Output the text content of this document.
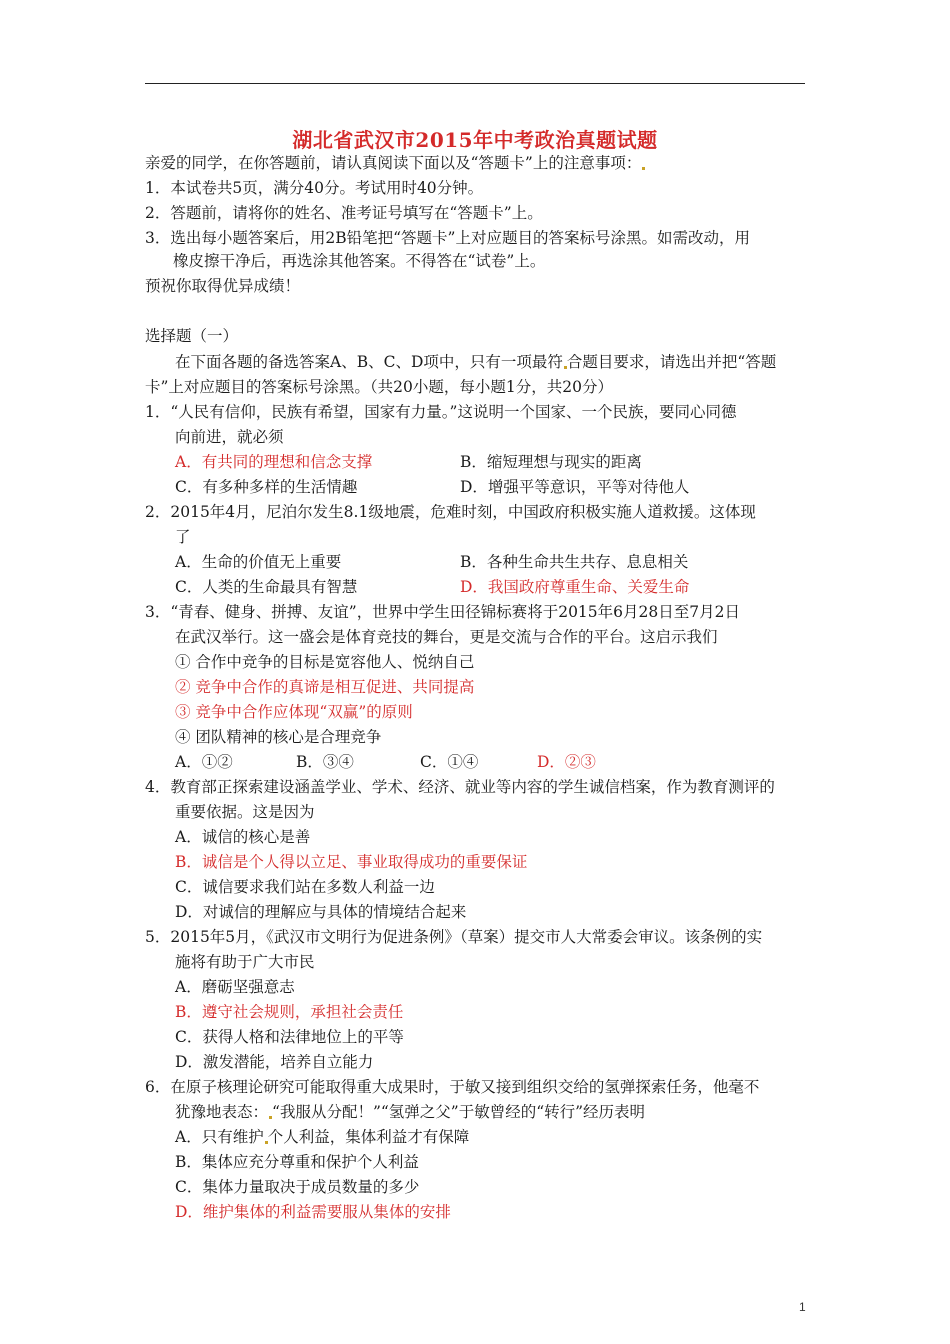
湖北省武汉市2015年中考政治真题试题
亲爱的同学，在你答题前，请认真阅读下面以及“答题卡”上的注意事项：
1．本试卷共5页，满分40分。考试用时40分钟。
2．答题前，请将你的姓名、准考证号填写在“答题卡”上。
3．选出每小题答案后，用2B铅笔把“答题卡”上对应题目的答案标号涂黑。如需改动，用
橡皮擦干净后，再选涂其他答案。不得答在“试卷”上。
预祝你取得优异成绩！
选择题（一）
在下面各题的备选答案A、B、C、D项中，只有一项最符 合题目要求，请选出并把“答题
卡”上对应题目的答案标号涂黑。（共20小题，每小题1分，共20分）
1．“人民有信仰，民族有希望，国家有力量。”这说明一个国家、一个民族，要同心同德
向前进，就必须
A．有共同的理想和信念支撑	B．缩短理想与现实的距离
C．有多种多样的生活情趣	D．增强平等意识，平等对待他人
2．2015年4月，尼泊尔发生8.1级地震，危难时刻，中国政府积极实施人道救援。这体现
了
A．生命的价值无上重要	B．各种生命共生共存、息息相关
C．人类的生命最具有智慧	D．我国政府尊重生命、关爱生命
3．“青春、健身、拼搏、友谊”，世界中学生田径锦标赛将于2015年6月28日至7月2日
在武汉举行。这一盛会是体育竞技的舞台，更是交流与合作的平台。这启示我们
① 合作中竞争的目标是宽容他人、悦纳自己
② 竞争中合作的真谛是相互促进、共同提高
③ 竞争中合作应体现“双赢”的原则
④ 团队精神的核心是合理竞争
A．①②	B．③④	C．①④	D．②③
4．教育部正探索建设涵盖学业、学术、经济、就业等内容的学生诚信档案，作为教育测评的
重要依据。这是因为
A．诚信的核心是善
B．诚信是个人得以立足、事业取得成功的重要保证
C．诚信要求我们站在多数人利益一边
D．对诚信的理解应与具体的情境结合起来
5．2015年5月，《武汉市文明行为促进条例》（草案）提交市人大常委会审议。该条例的实
施将有助于广大市民
A．磨砺坚强意志
B．遵守社会规则，承担社会责任
C．获得人格和法律地位上的平等
D．激发潜能，培养自立能力
6．在原子核理论研究可能取得重大成果时，于敏又接到组织交给的氢弹探索任务，他毫不
犹豫地表态： “我服从分配！”“氢弹之父”于敏曾经的“转行”经历表明
A．只有维护 个人利益，集体利益才有保障
B．集体应充分尊重和保护个人利益
C．集体力量取决于成员数量的多少
D．维护集体的利益需要服从集体的安排
1
